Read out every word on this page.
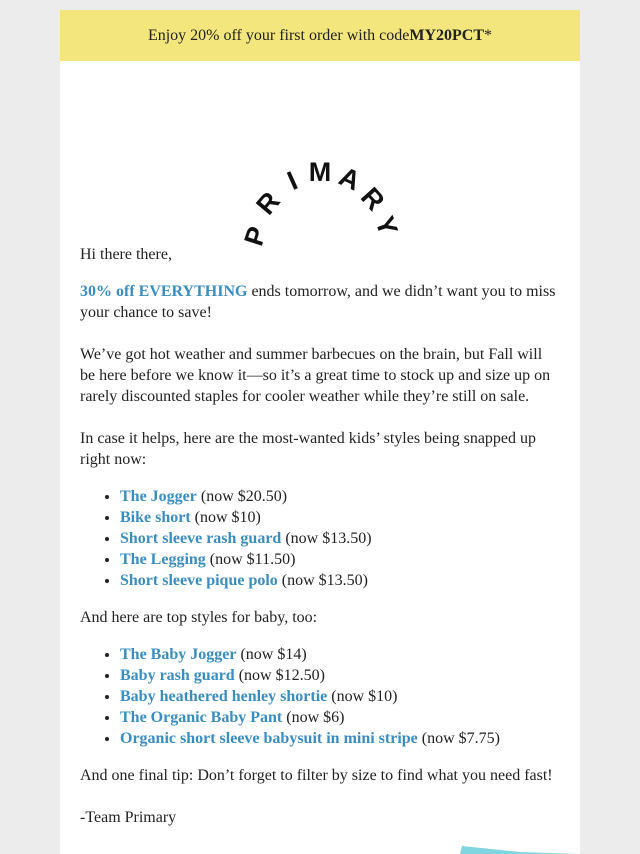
Enjoy 20% off your first order with code MY20PCT *
P
R
I M A
R
Y

Hi there there,

30% off EVERYTHING ends tomorrow, and we didn’t want you to miss your chance to save!

We’ve got hot weather and summer barbecues on the brain, but Fall will be here before we know it—so it’s a great time to stock up and size up on rarely discounted staples for cooler weather while they’re still on sale.

In case it helps, here are the most-wanted kids’ styles being snapped up right now:

• The Jogger (now $20.50)
• Bike short (now $10)
• Short sleeve rash guard (now $13.50)
• The Legging (now $11.50)
• Short sleeve pique polo (now $13.50)

And here are top styles for baby, too:

• The Baby Jogger (now $14)
• Baby rash guard (now $12.50)
• Baby heathered henley shortie (now $10)
• The Organic Baby Pant (now $6)
• Organic short sleeve babysuit in mini stripe (now $7.75)

And one final tip: Don’t forget to filter by size to find what you need fast!

-Team Primary
